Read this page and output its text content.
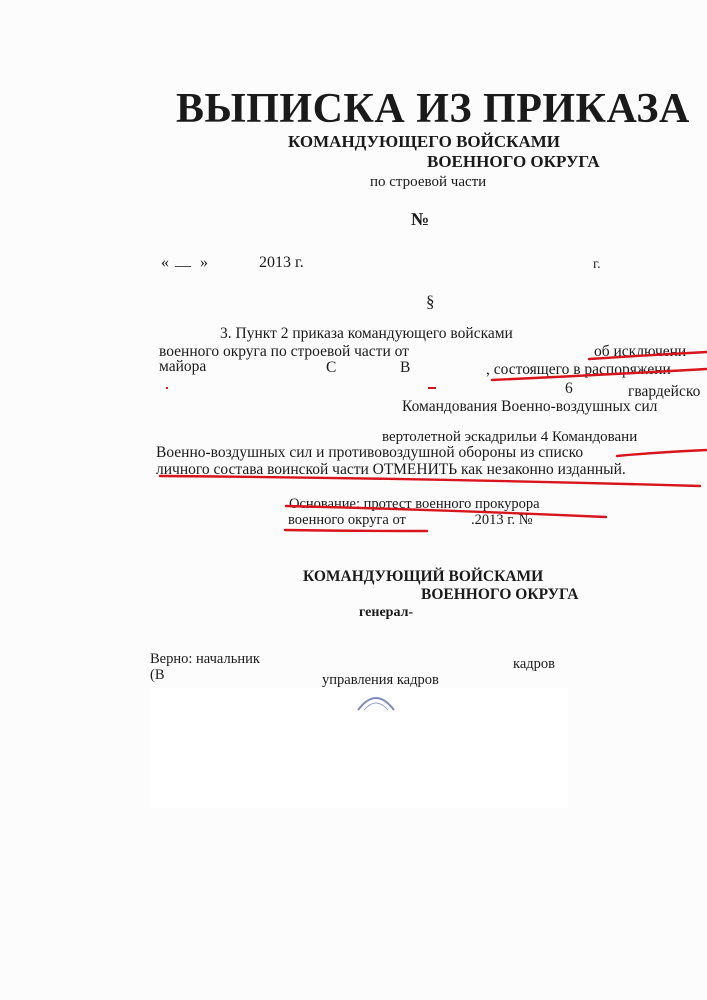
ВЫПИСКА ИЗ ПРИКАЗА
КОМАНДУЮЩЕГО ВОЙСКАМИ
ВОЕННОГО ОКРУГА
по строевой части
№
« __ »	2013 г.	г.
§
3. Пункт 2 приказа командующего войсками
военного округа по строевой части от	об исключени
майора	С	В	, состоящего в распоряжени
6	гвардейско
Командования Военно-воздушных сил
вертолетной эскадрильи 4 Командовани
Военно-воздушных сил и противовоздушной обороны из списко
личного состава воинской части ОТМЕНИТЬ как незаконно изданный.
Основание: протест военного прокурора
военного округа от	.2013 г. №
КОМАНДУЮЩИЙ ВОЙСКАМИ
ВОЕННОГО ОКРУГА
генерал-
Верно: начальник	кадров
(В	управления кадров
